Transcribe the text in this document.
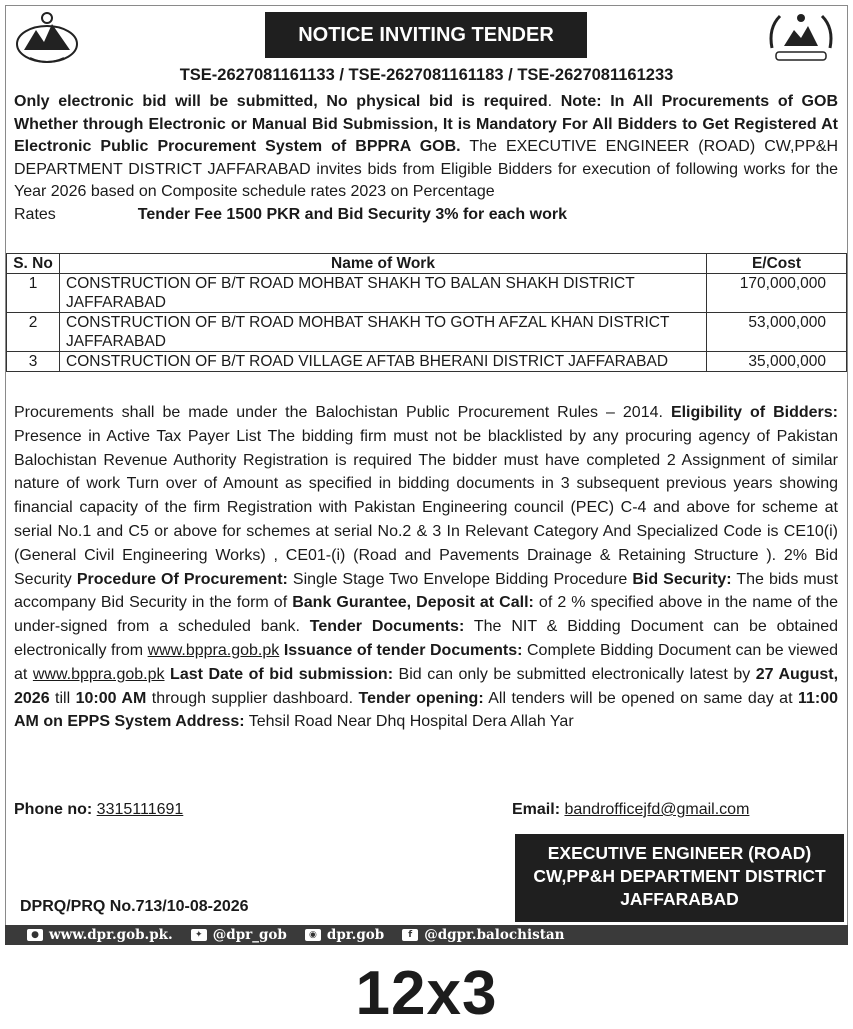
NOTICE INVITING TENDER
TSE-2627081161133 / TSE-2627081161183 / TSE-2627081161233
Only electronic bid will be submitted, No physical bid is required. Note: In All Procurements of GOB Whether through Electronic or Manual Bid Submission, It is Mandatory For All Bidders to Get Registered At Electronic Public Procurement System of BPPRA GOB. The EXECUTIVE ENGINEER (ROAD) CW,PP&H DEPARTMENT DISTRICT JAFFARABAD invites bids from Eligible Bidders for execution of following works for the Year 2026 based on Composite schedule rates 2023 on Percentage
Rates	Tender Fee 1500 PKR and Bid Security 3% for each work
S. No	Name of Work	E/Cost
1	CONSTRUCTION OF B/T ROAD MOHBAT SHAKH TO BALAN SHAKH DISTRICT JAFFARABAD	170,000,000
2	CONSTRUCTION OF B/T ROAD MOHBAT SHAKH TO GOTH AFZAL KHAN DISTRICT JAFFARABAD	53,000,000
3	CONSTRUCTION OF B/T ROAD VILLAGE AFTAB BHERANI DISTRICT JAFFARABAD	35,000,000
Procurements shall be made under the Balochistan Public Procurement Rules – 2014. Eligibility of Bidders: Presence in Active Tax Payer List The bidding firm must not be blacklisted by any procuring agency of Pakistan Balochistan Revenue Authority Registration is required The bidder must have completed 2 Assignment of similar nature of work Turn over of Amount as specified in bidding documents in 3 subsequent previous years showing financial capacity of the firm Registration with Pakistan Engineering council (PEC) C-4 and above for scheme at serial No.1 and C5 or above for schemes at serial No.2 & 3 In Relevant Category And Specialized Code is CE10(i) (General Civil Engineering Works) , CE01-(i) (Road and Pavements Drainage & Retaining Structure ). 2% Bid Security Procedure Of Procurement: Single Stage Two Envelope Bidding Procedure Bid Security: The bids must accompany Bid Security in the form of Bank Gurantee, Deposit at Call: of 2 % specified above in the name of the under-signed from a scheduled bank. Tender Documents: The NIT & Bidding Document can be obtained electronically from www.bppra.gob.pk Issuance of tender Documents: Complete Bidding Document can be viewed at www.bppra.gob.pk Last Date of bid submission: Bid can only be submitted electronically latest by 27 August, 2026 till 10:00 AM through supplier dashboard. Tender opening: All tenders will be opened on same day at 11:00 AM on EPPS System Address: Tehsil Road Near Dhq Hospital Dera Allah Yar
Phone no: 3315111691	Email: bandrofficejfd@gmail.com
EXECUTIVE ENGINEER (ROAD)
CW,PP&H DEPARTMENT DISTRICT
JAFFARABAD
DPRQ/PRQ No.713/10-08-2026
● www.dpr.gob.pk.	✦ @dpr_gob	◉ dpr.gob	f @dgpr.balochistan
12x3
